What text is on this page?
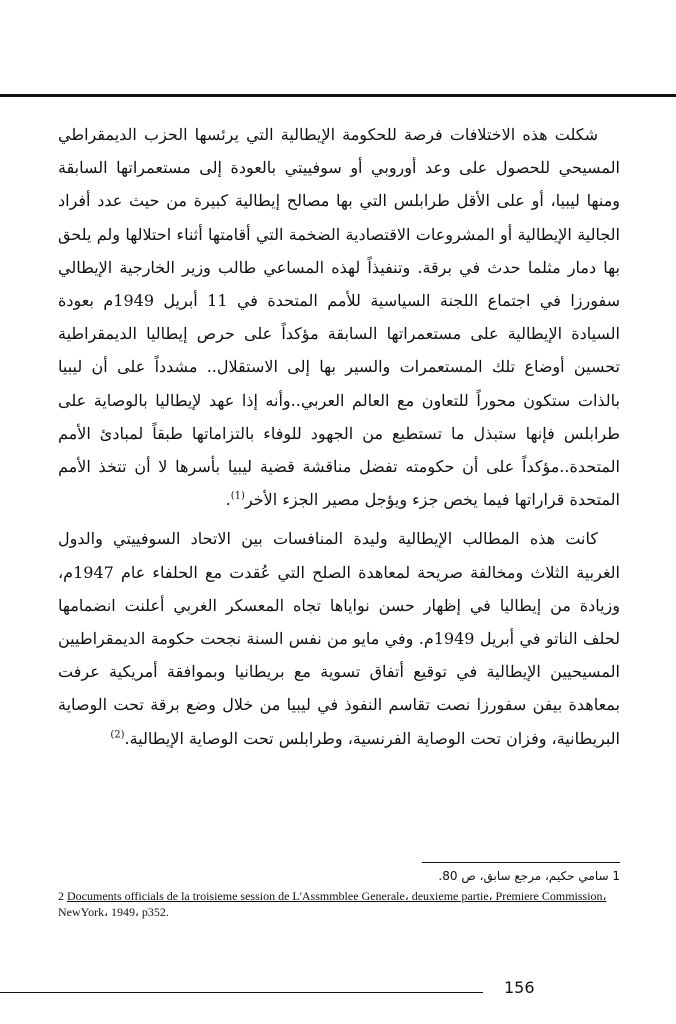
شكلت هذه الاختلافات فرصة للحكومة الإيطالية التي يرئسها الحزب الديمقراطي المسيحي للحصول على وعد أوروبي أو سوفييتي بالعودة إلى مستعمراتها السابقة ومنها ليبيا، أو على الأقل طرابلس التي بها مصالح إيطالية كبيرة من حيث عدد أفراد الجالية الإيطالية أو المشروعات الاقتصادية الضخمة التي أقامتها أثناء احتلالها ولم يلحق بها دمار مثلما حدث في برقة. وتنفيذاً لهذه المساعي طالب وزير الخارجية الإيطالي سفورزا في اجتماع اللجنة السياسية للأمم المتحدة في 11 أبريل 1949م بعودة السيادة الإيطالية على مستعمراتها السابقة مؤكداً على حرص إيطاليا الديمقراطية تحسين أوضاع تلك المستعمرات والسير بها إلى الاستقلال.. مشدداً على أن ليبيا بالذات ستكون محوراً للتعاون مع العالم العربي..وأنه إذا عهد لإيطاليا بالوصاية على طرابلس فإنها ستبذل ما تستطيع من الجهود للوفاء بالتزاماتها طبقاً لمبادئ الأمم المتحدة..مؤكداً على أن حكومته تفضل مناقشة قضية ليبيا بأسرها لا أن تتخذ الأمم المتحدة قراراتها فيما يخص جزء ويؤجل مصير الجزء الأخر$^{(1)}$.

كانت هذه المطالب الإيطالية وليدة المنافسات بين الاتحاد السوفييتي والدول الغربية الثلاث ومخالفة صريحة لمعاهدة الصلح التي عُقدت مع الحلفاء عام 1947م، وزيادة من إيطاليا في إظهار حسن نواياها تجاه المعسكر الغربي أعلنت انضمامها لحلف الناتو في أبريل 1949م. وفي مايو من نفس السنة نجحت حكومة الديمقراطيين المسيحيين الإيطالية في توقيع أتفاق تسوية مع بريطانيا وبموافقة أمريكية عرفت بمعاهدة بيفن سفورزا نصت تقاسم النفوذ في ليبيا من خلال وضع برقة تحت الوصاية البريطانية، وفزان تحت الوصاية الفرنسية، وطرابلس تحت الوصاية الإيطالية.$^{(2)}$

1 سامي حكيم، مرجع سابق، ص 80.
2 Documents officials de la troisieme session de L'Assmmblee Generale، deuxieme partie، Premiere Commission، NewYork، 1949، p352.
156
